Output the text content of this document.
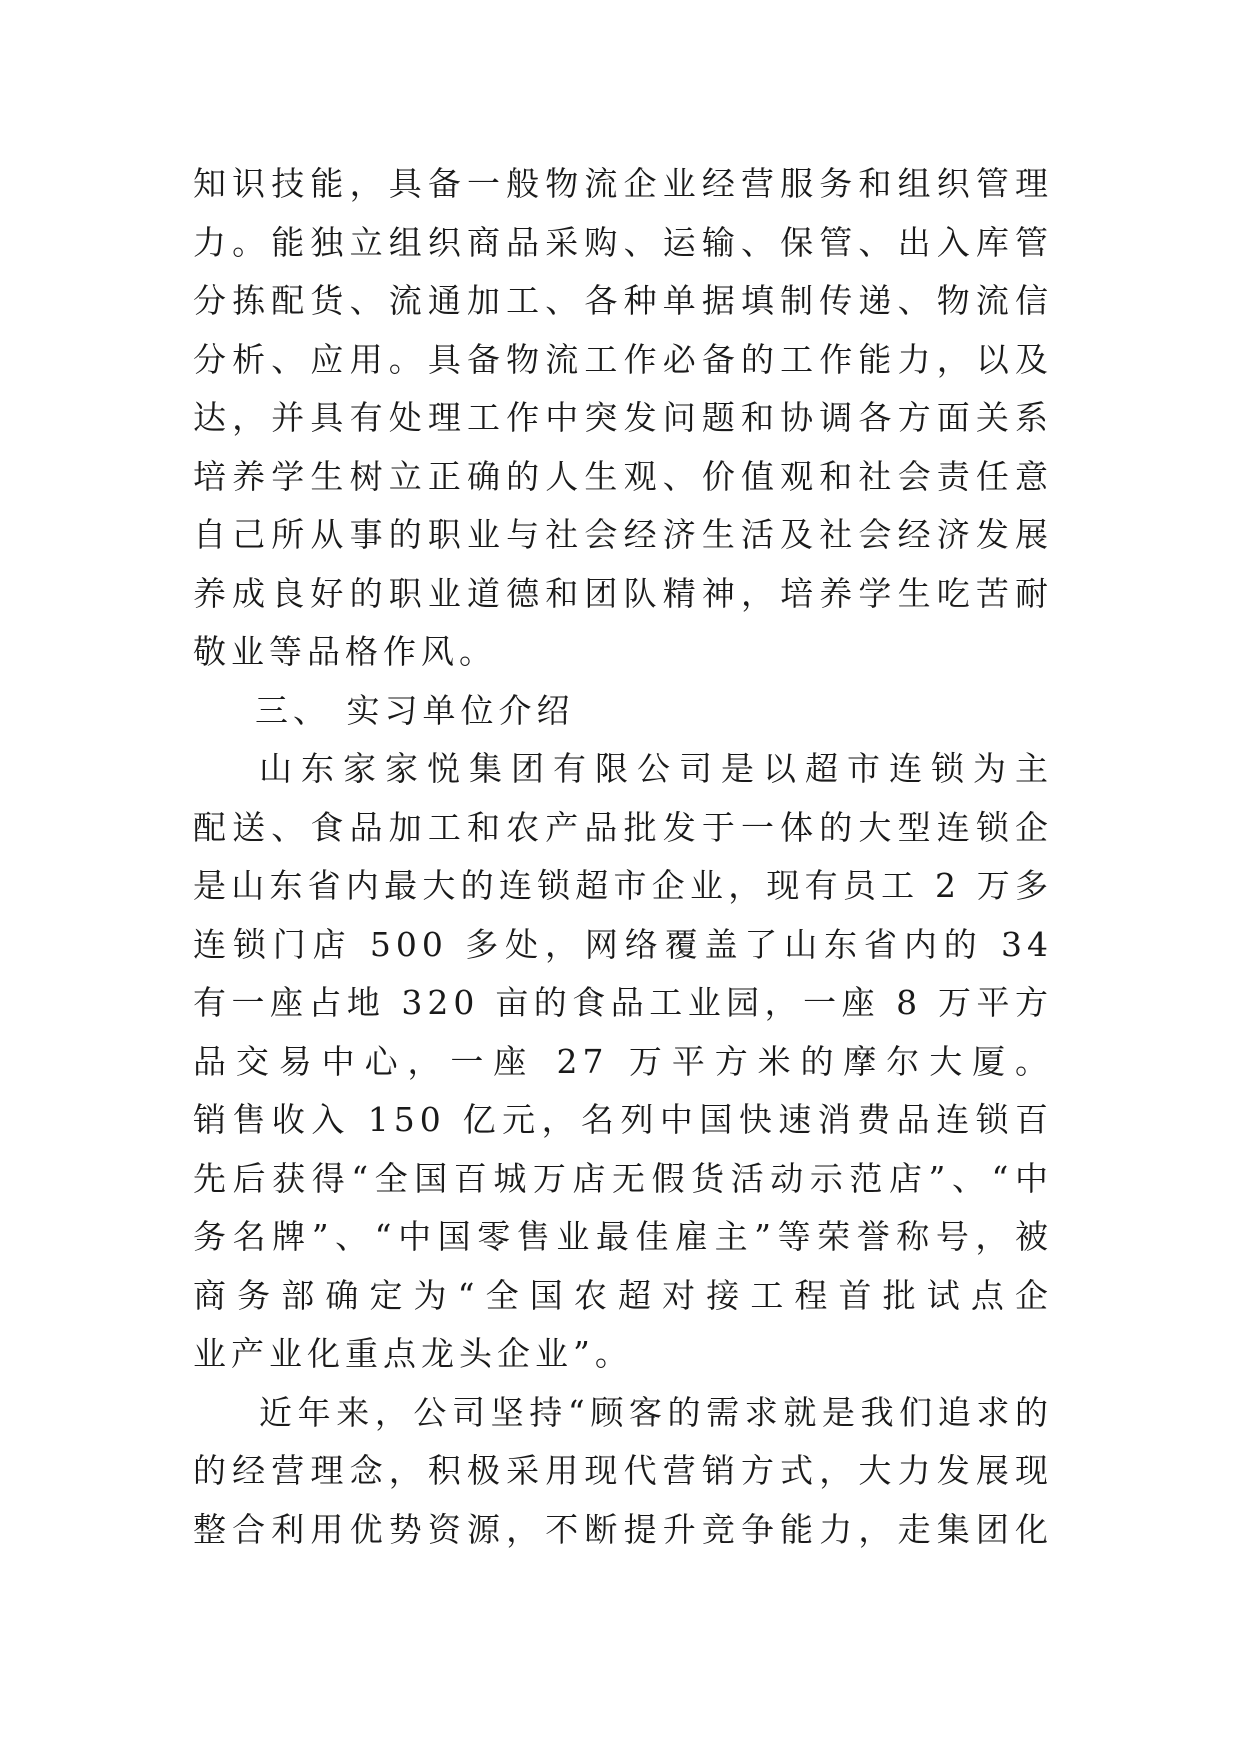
知识技能，具备一般物流企业经营服务和组织管理
力。能独立组织商品采购、运输、保管、出入库管
分拣配货、流通加工、各种单据填制传递、物流信
分析、应用。具备物流工作必备的工作能力，以及
达，并具有处理工作中突发问题和协调各方面关系
培养学生树立正确的人生观、价值观和社会责任意
自己所从事的职业与社会经济生活及社会经济发展
养成良好的职业道德和团队精神，培养学生吃苦耐
敬业等品格作风。
三、 实习单位介绍
山东家家悦集团有限公司是以超市连锁为主
配送、食品加工和农产品批发于一体的大型连锁企
是山东省内最大的连锁超市企业，现有员工 2 万多
连锁门店 500 多处，网络覆盖了山东省内的 34
有一座占地 320 亩的食品工业园，一座 8 万平方
品交易中心，一座 27 万平方米的摩尔大厦。
销售收入 150 亿元，名列中国快速消费品连锁百
先后获得“全国百城万店无假货活动示范店”、“中
务名牌”、“中国零售业最佳雇主”等荣誉称号，被
商务部确定为“全国农超对接工程首批试点企
业产业化重点龙头企业”。
近年来，公司坚持“顾客的需求就是我们追求的
的经营理念，积极采用现代营销方式，大力发展现
整合利用优势资源，不断提升竞争能力，走集团化
